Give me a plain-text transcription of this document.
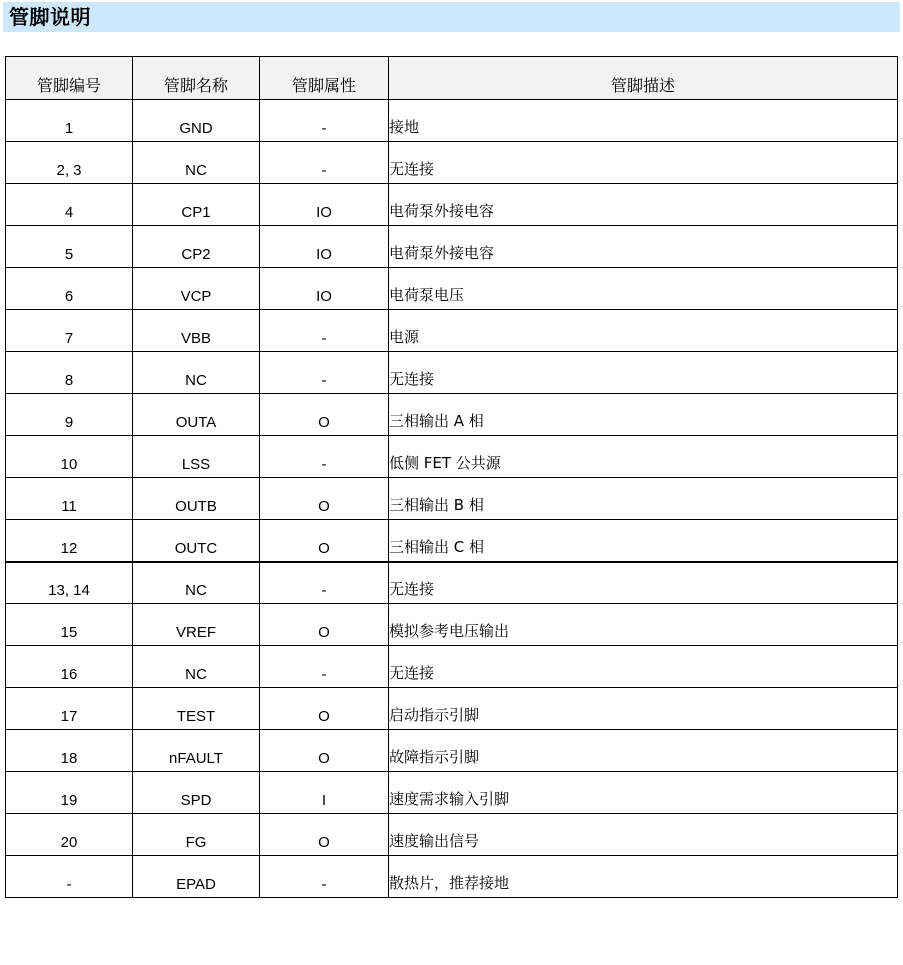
管脚说明
管脚编号	管脚名称	管脚属性	管脚描述
1	GND	-	接地
2, 3	NC	-	无连接
4	CP1	IO	电荷泵外接电容
5	CP2	IO	电荷泵外接电容
6	VCP	IO	电荷泵电压
7	VBB	-	电源
8	NC	-	无连接
9	OUTA	O	三相输出 A 相
10	LSS	-	低侧 FET 公共源
11	OUTB	O	三相输出 B 相
12	OUTC	O	三相输出 C 相
13, 14	NC	-	无连接
15	VREF	O	模拟参考电压输出
16	NC	-	无连接
17	TEST	O	启动指示引脚
18	nFAULT	O	故障指示引脚
19	SPD	I	速度需求输入引脚
20	FG	O	速度输出信号
-	EPAD	-	散热片，推荐接地
